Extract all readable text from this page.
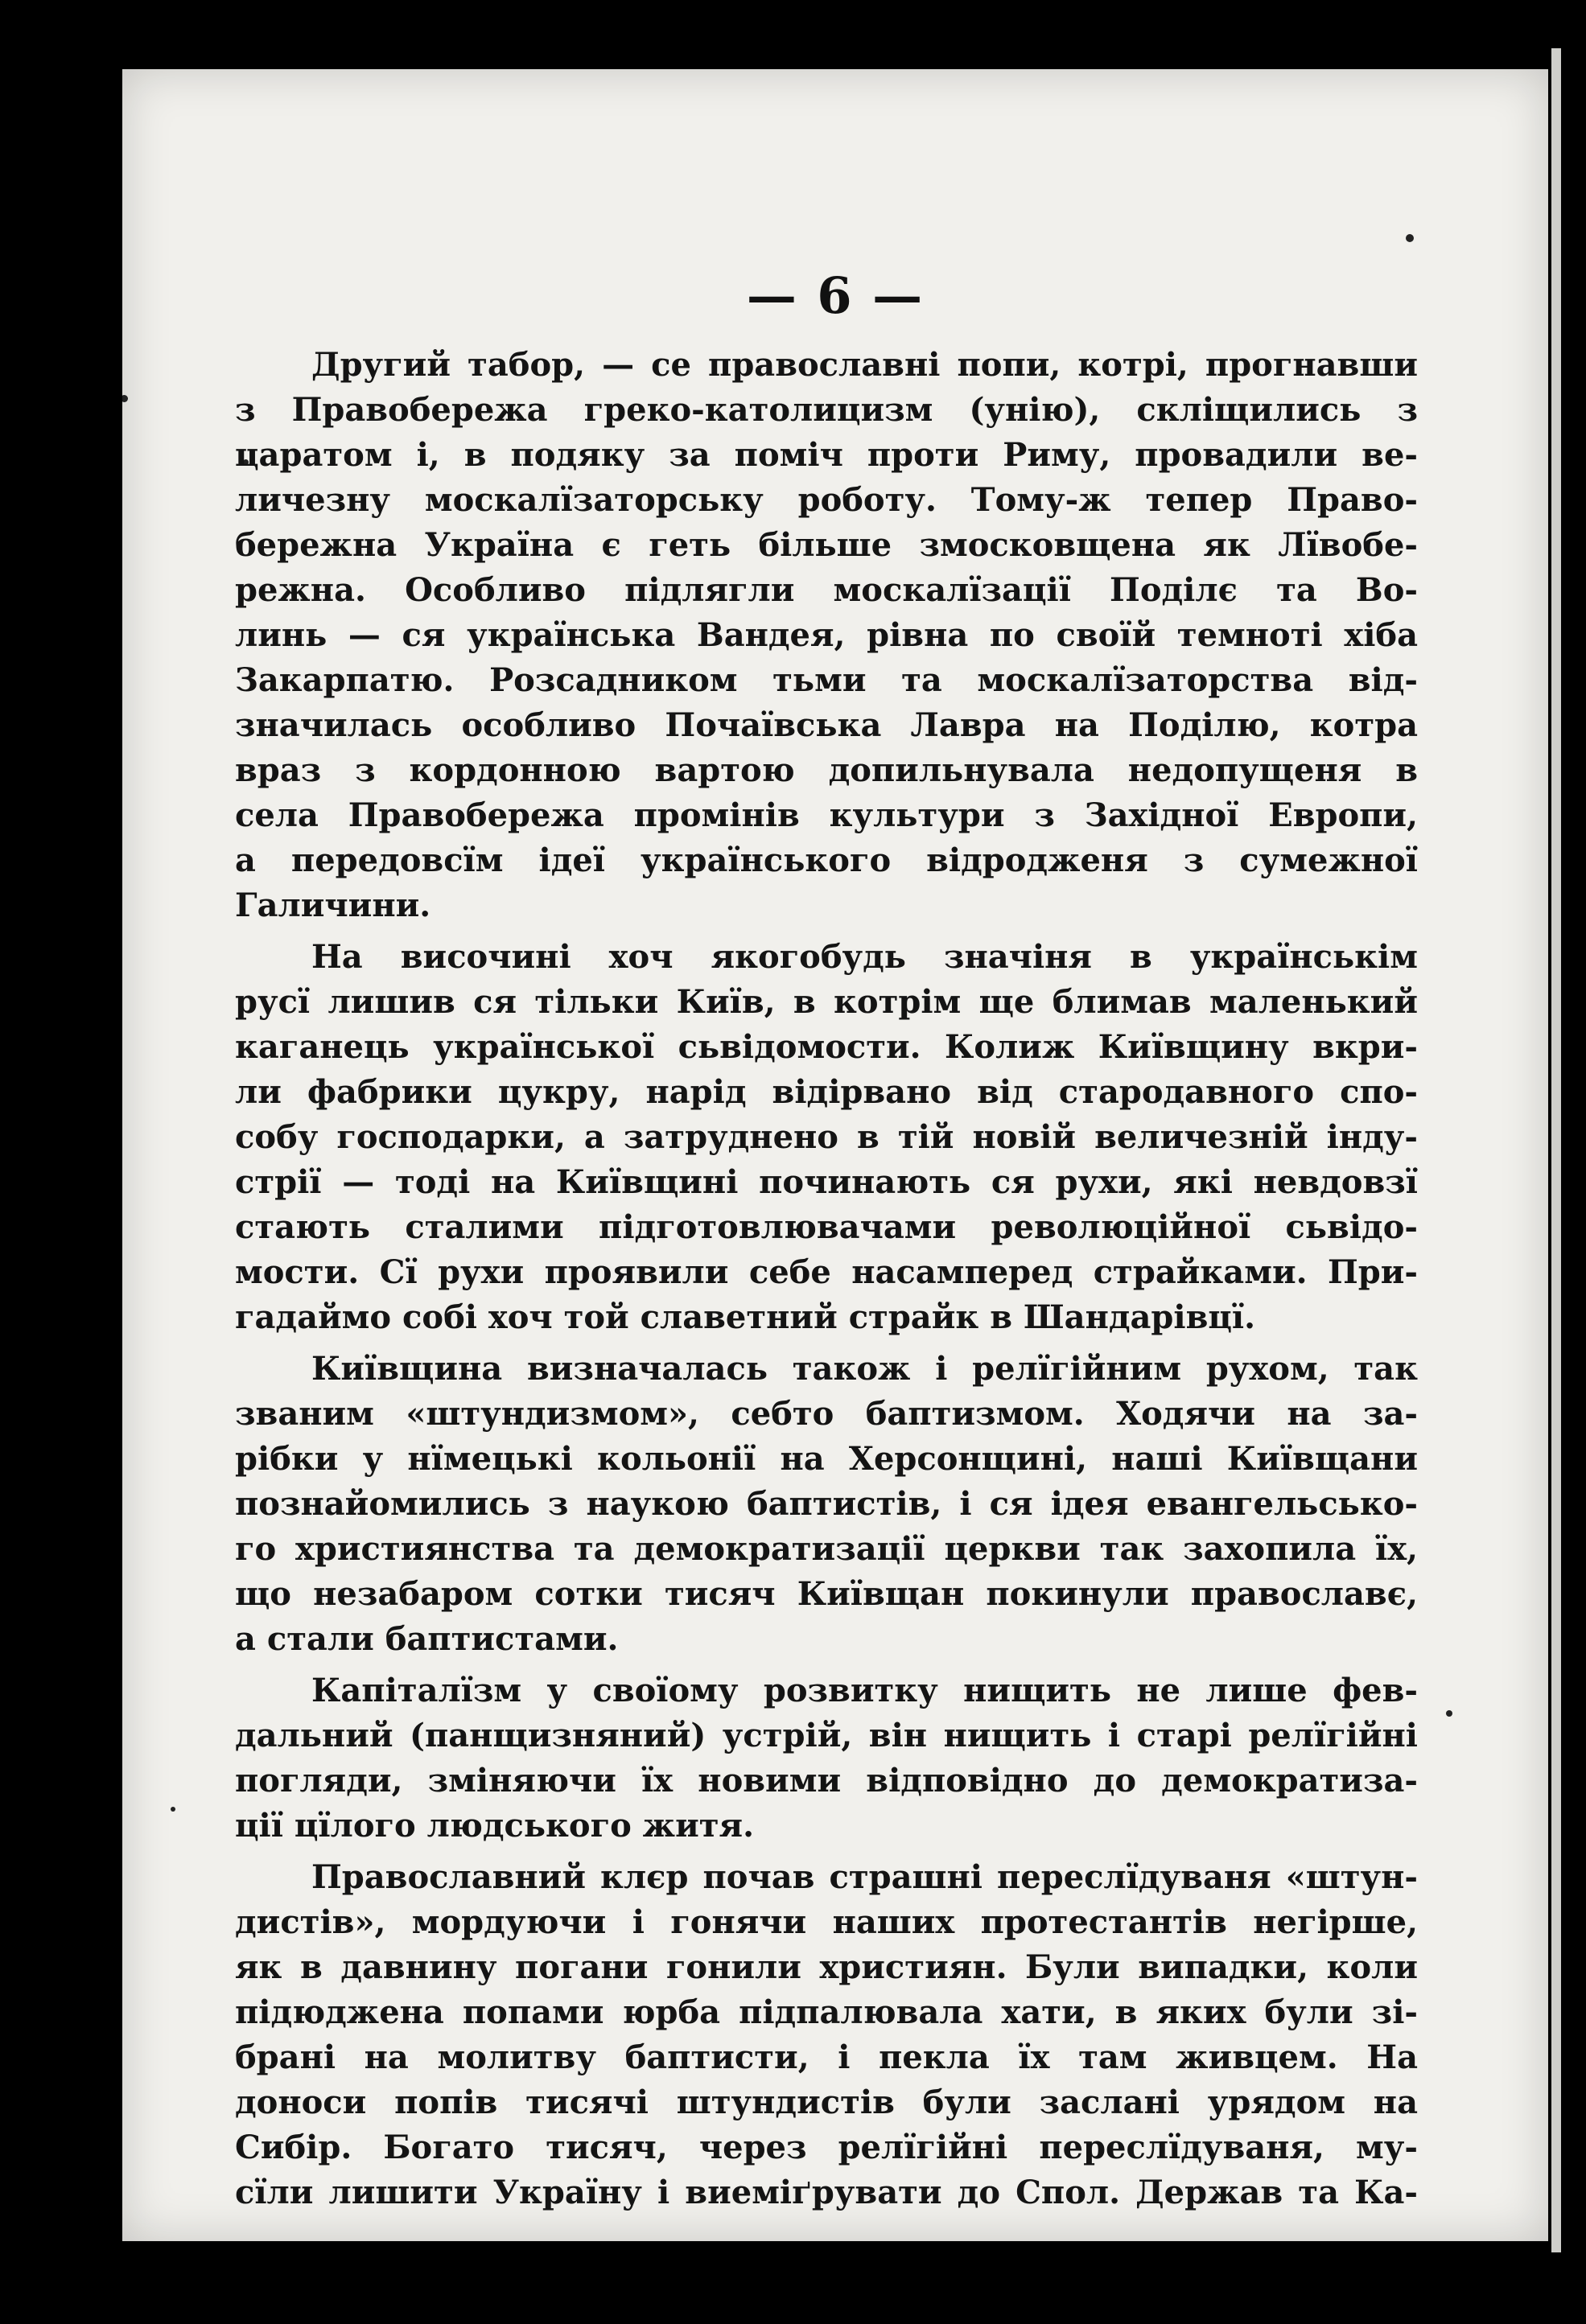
— 6 —

Другий табор, — се православні попи, котрі, прогнавши
з Правобережа греко-католицизм (унію), скліщились з
царатом і, в подяку за поміч проти Риму, провадили ве-
личезну москалїзаторську роботу. Тому-ж тепер Право-
бережна Україна є геть більше змосковщена як Лївобе-
режна. Особливо підлягли москалїзації Поділє та Во-
линь — ся українська Вандея, рівна по своїй темноті хіба
Закарпатю. Розсадником тьми та москалїзаторства від-
значилась особливо Почаївська Лавра на Поділю, котра
враз з кордонною вартою допильнувала недопущеня в
села Правобережа промінів культури з Західної Европи,
а передовсїм ідеї українського відродженя з сумежної
Галичини.

На височині хоч якогобудь значіня в українськім
русї лишив ся тільки Київ, в котрім ще блимав маленький
каганець української сьвідомости. Колиж Київщину вкри-
ли фабрики цукру, нарід відірвано від стародавного спо-
собу господарки, а затруднено в тій новій величезній інду-
стрії — тоді на Київщині починають ся рухи, які невдовзї
стають сталими підготовлювачами революційної сьвідо-
мости. Сї рухи проявили себе насамперед страйками. При-
гадаймо собі хоч той славетний страйк в Шандарівцї.

Київщина визначалась також і релїгійним рухом, так
званим «штундизмом», себто баптизмом. Ходячи на за-
рібки у нїмецькі кольонії на Херсонщині, наші Київщани
познайомились з наукою баптистів, і ся ідея евангельсько-
го християнства та демократизації церкви так захопила їх,
що незабаром сотки тисяч Київщан покинули православє,
а стали баптистами.

Капіталїзм у своїому розвитку нищить не лише фев-
дальний (панщизняний) устрій, він нищить і старі релїгійні
погляди, зміняючи їх новими відповідно до демократиза-
ції цїлого людського житя.

Православний клєр почав страшні переслїдуваня «штун-
дистів», мордуючи і гонячи наших протестантів негірше,
як в давнину погани гонили християн. Були випадки, коли
підюджена попами юрба підпалювала хати, в яких були зі-
брані на молитву баптисти, і пекла їх там живцем. На
доноси попів тисячі штундистів були заслані урядом на
Сибір. Богато тисяч, через релїгійні переслїдуваня, му-
сїли лишити Україну і виеміґрувати до Спол. Держав та Ка-
